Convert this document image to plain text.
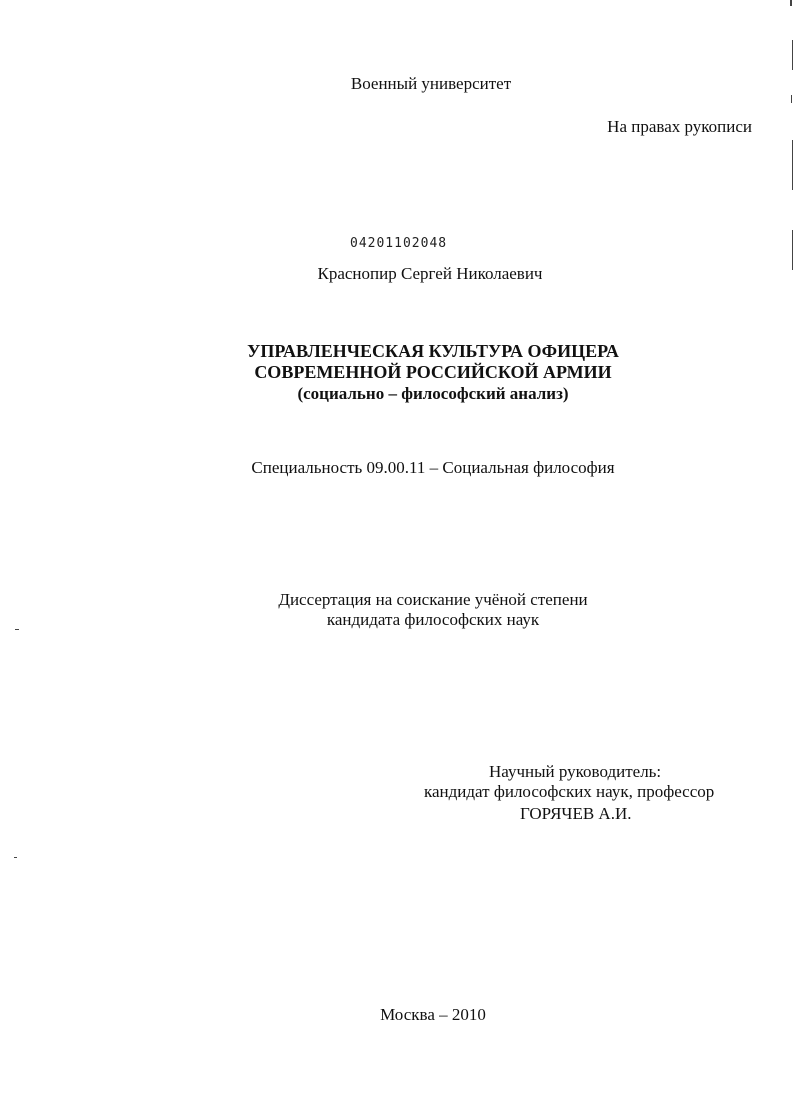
Военный университет
На правах рукописи
04201102048
Краснопир Сергей Николаевич
УПРАВЛЕНЧЕСКАЯ КУЛЬТУРА ОФИЦЕРА
СОВРЕМЕННОЙ РОССИЙСКОЙ АРМИИ
(социально – философский анализ)
Специальность 09.00.11 – Социальная философия
Диссертация на соискание учёной степени
кандидата философских наук
Научный руководитель:
кандидат философских наук, профессор
ГОРЯЧЕВ А.И.
Москва – 2010
